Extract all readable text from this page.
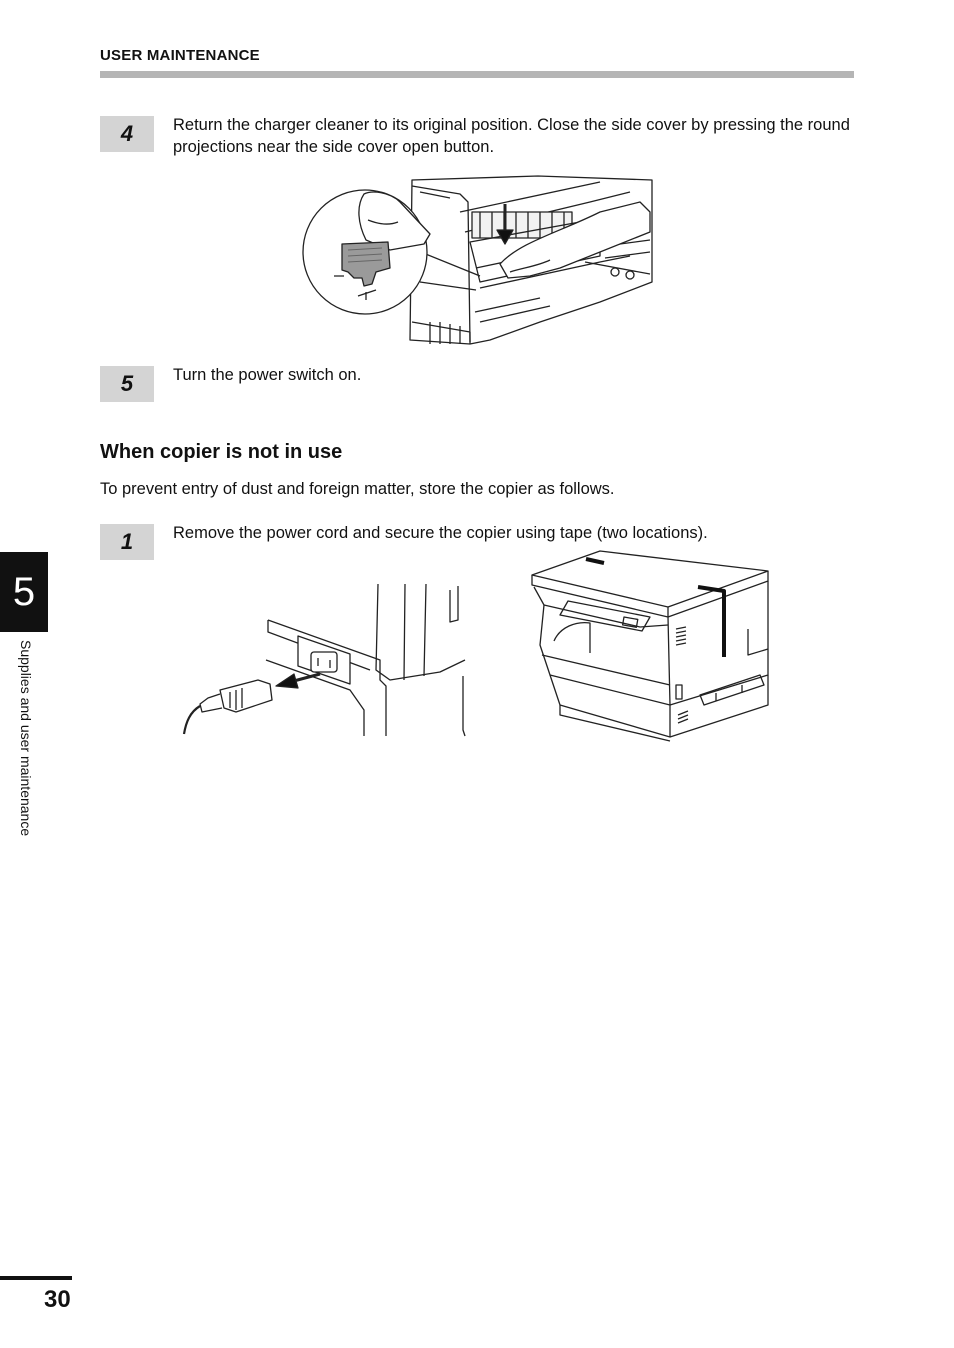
USER MAINTENANCE
4	Return the charger cleaner to its original position. Close the side cover by pressing the round projections near the side cover open button.
5	Turn the power switch on.
When copier is not in use
To prevent entry of dust and foreign matter, store the copier as follows.
1	Remove the power cord and secure the copier using tape (two locations).
5
Supplies and user maintenance
30
